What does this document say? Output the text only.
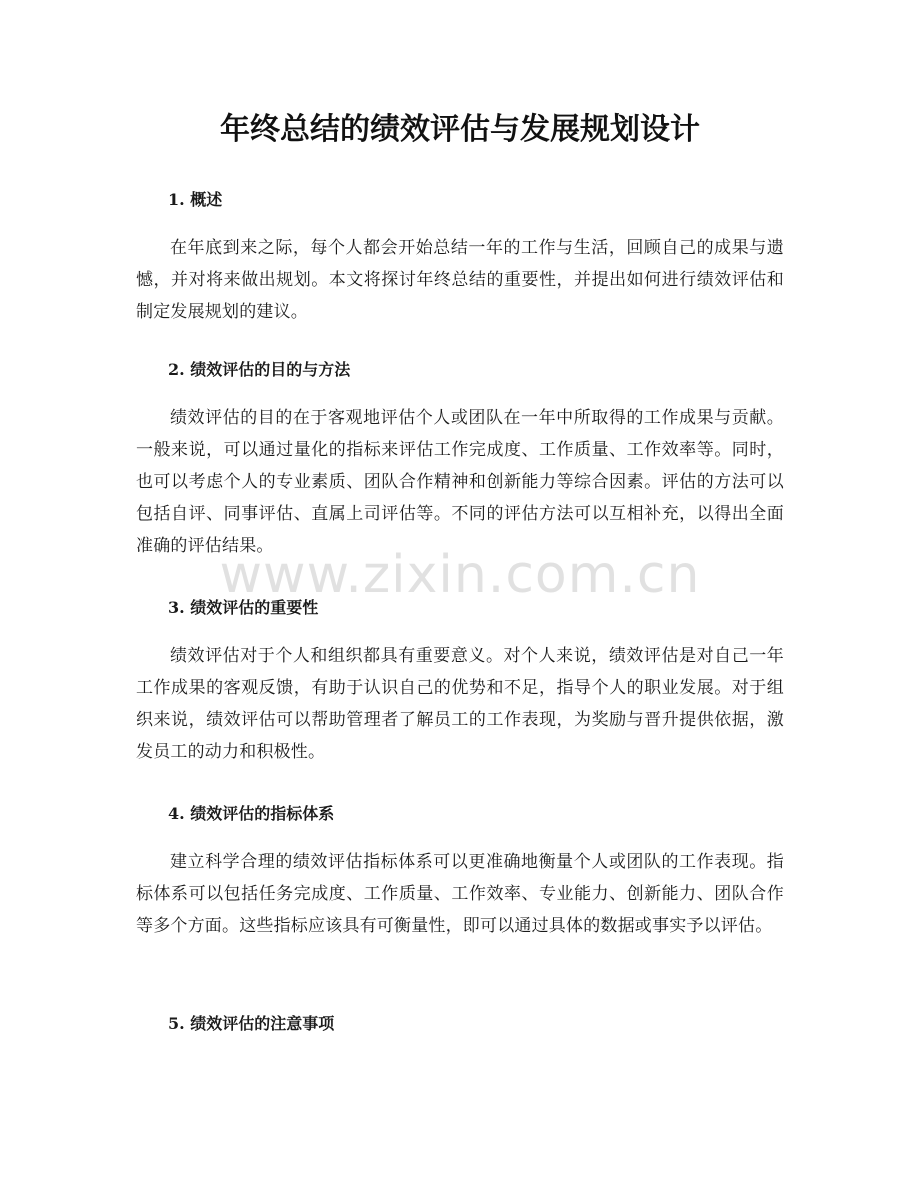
年终总结的绩效评估与发展规划设计
1. 概述

在年底到来之际，每个人都会开始总结一年的工作与生活，回顾自己的成果与遗憾，并对将来做出规划。本文将探讨年终总结的重要性，并提出如何进行绩效评估和制定发展规划的建议。

2. 绩效评估的目的与方法

绩效评估的目的在于客观地评估个人或团队在一年中所取得的工作成果与贡献。一般来说，可以通过量化的指标来评估工作完成度、工作质量、工作效率等。同时，也可以考虑个人的专业素质、团队合作精神和创新能力等综合因素。评估的方法可以包括自评、同事评估、直属上司评估等。不同的评估方法可以互相补充，以得出全面准确的评估结果。

3. 绩效评估的重要性

绩效评估对于个人和组织都具有重要意义。对个人来说，绩效评估是对自己一年工作成果的客观反馈，有助于认识自己的优势和不足，指导个人的职业发展。对于组织来说，绩效评估可以帮助管理者了解员工的工作表现，为奖励与晋升提供依据，激发员工的动力和积极性。

4. 绩效评估的指标体系

建立科学合理的绩效评估指标体系可以更准确地衡量个人或团队的工作表现。指标体系可以包括任务完成度、工作质量、工作效率、专业能力、创新能力、团队合作等多个方面。这些指标应该具有可衡量性，即可以通过具体的数据或事实予以评估。

5. 绩效评估的注意事项
www.zixin.com.cn
